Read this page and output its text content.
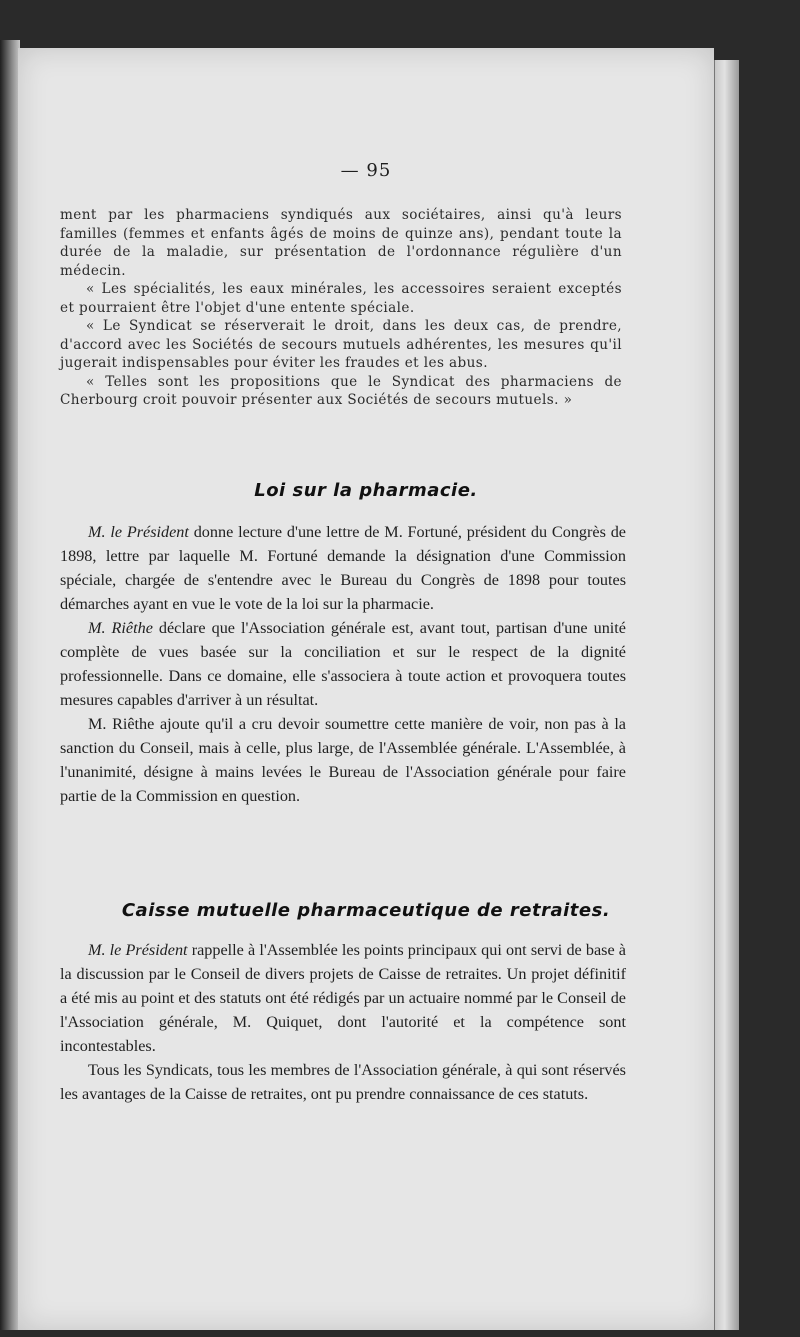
— 95

ment par les pharmaciens syndiqués aux sociétaires, ainsi qu'à leurs familles (femmes et enfants âgés de moins de quinze ans), pendant toute la durée de la maladie, sur présentation de l'ordonnance régulière d'un médecin.

« Les spécialités, les eaux minérales, les accessoires seraient exceptés et pourraient être l'objet d'une entente spéciale.

« Le Syndicat se réserverait le droit, dans les deux cas, de prendre, d'accord avec les Sociétés de secours mutuels adhérentes, les mesures qu'il jugerait indispensables pour éviter les fraudes et les abus.

« Telles sont les propositions que le Syndicat des pharmaciens de Cherbourg croit pouvoir présenter aux Sociétés de secours mutuels. »

Loi sur la pharmacie.

M. le Président donne lecture d'une lettre de M. Fortuné, président du Congrès de 1898, lettre par laquelle M. Fortuné demande la désignation d'une Commission spéciale, chargée de s'entendre avec le Bureau du Congrès de 1898 pour toutes démarches ayant en vue le vote de la loi sur la pharmacie.

M. Riêthe déclare que l'Association générale est, avant tout, partisan d'une unité complète de vues basée sur la conciliation et sur le respect de la dignité professionnelle. Dans ce domaine, elle s'associera à toute action et provoquera toutes mesures capables d'arriver à un résultat.

M. Riêthe ajoute qu'il a cru devoir soumettre cette manière de voir, non pas à la sanction du Conseil, mais à celle, plus large, de l'Assemblée générale. L'Assemblée, à l'unanimité, désigne à mains levées le Bureau de l'Association générale pour faire partie de la Commission en question.

Caisse mutuelle pharmaceutique de retraites.

M. le Président rappelle à l'Assemblée les points principaux qui ont servi de base à la discussion par le Conseil de divers projets de Caisse de retraites. Un projet définitif a été mis au point et des statuts ont été rédigés par un actuaire nommé par le Conseil de l'Association générale, M. Quiquet, dont l'autorité et la compétence sont incontestables.

Tous les Syndicats, tous les membres de l'Association générale, à qui sont réservés les avantages de la Caisse de retraites, ont pu prendre connaissance de ces statuts.
